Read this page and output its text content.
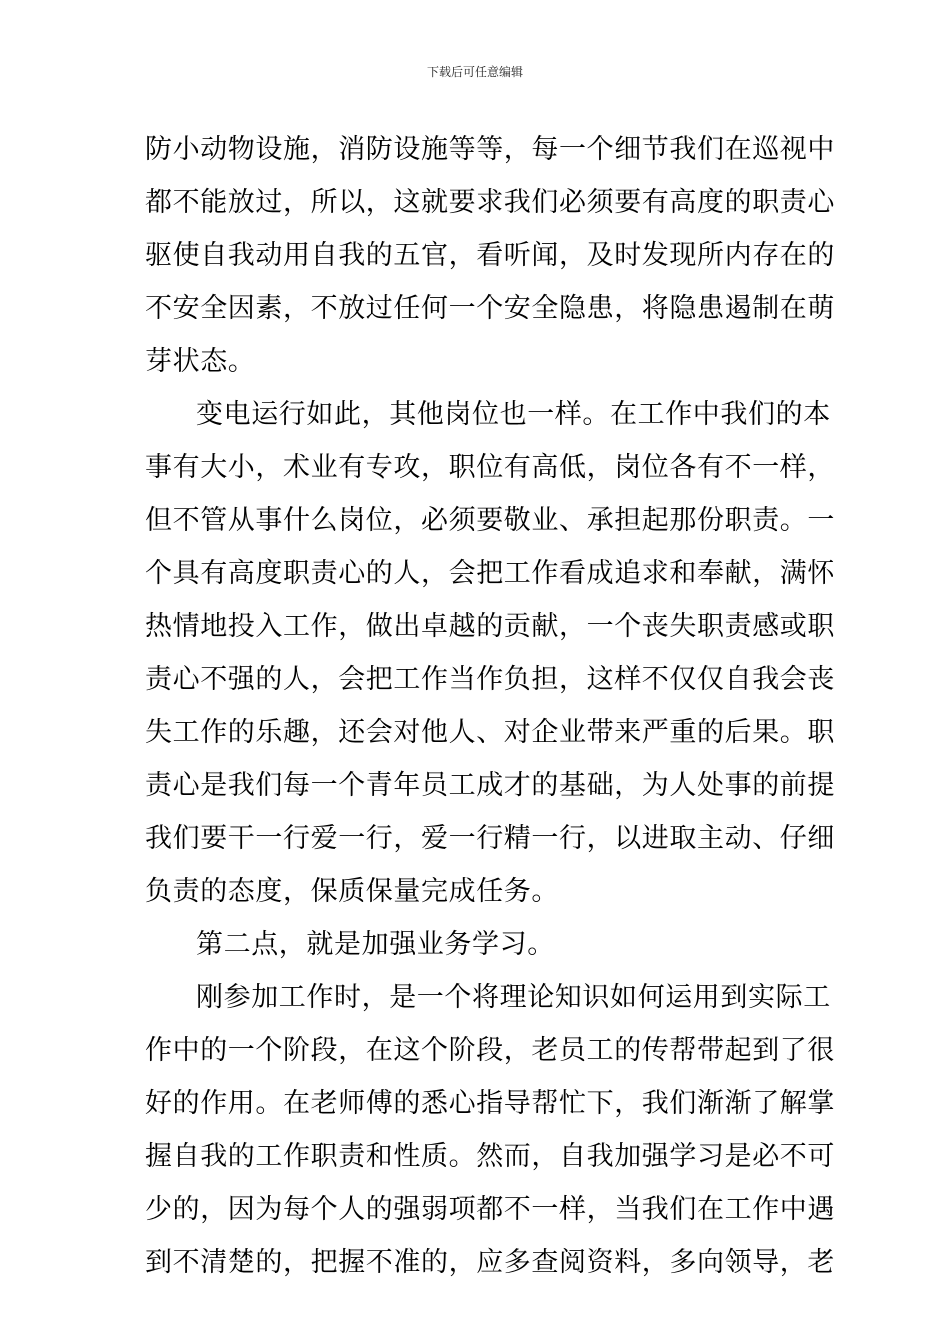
下载后可任意编辑
防小动物设施，消防设施等等，每一个细节我们在巡视中
都不能放过，所以，这就要求我们必须要有高度的职责心
驱使自我动用自我的五官，看听闻，及时发现所内存在的
不安全因素，不放过任何一个安全隐患，将隐患遏制在萌
芽状态。
变电运行如此，其他岗位也一样。在工作中我们的本
事有大小，术业有专攻，职位有高低，岗位各有不一样，
但不管从事什么岗位，必须要敬业、承担起那份职责。一
个具有高度职责心的人，会把工作看成追求和奉献，满怀
热情地投入工作，做出卓越的贡献，一个丧失职责感或职
责心不强的人，会把工作当作负担，这样不仅仅自我会丧
失工作的乐趣，还会对他人、对企业带来严重的后果。职
责心是我们每一个青年员工成才的基础，为人处事的前提
我们要干一行爱一行，爱一行精一行，以进取主动、仔细
负责的态度，保质保量完成任务。
第二点，就是加强业务学习。
刚参加工作时，是一个将理论知识如何运用到实际工
作中的一个阶段，在这个阶段，老员工的传帮带起到了很
好的作用。在老师傅的悉心指导帮忙下，我们渐渐了解掌
握自我的工作职责和性质。然而，自我加强学习是必不可
少的，因为每个人的强弱项都不一样，当我们在工作中遇
到不清楚的，把握不准的，应多查阅资料，多向领导，老
